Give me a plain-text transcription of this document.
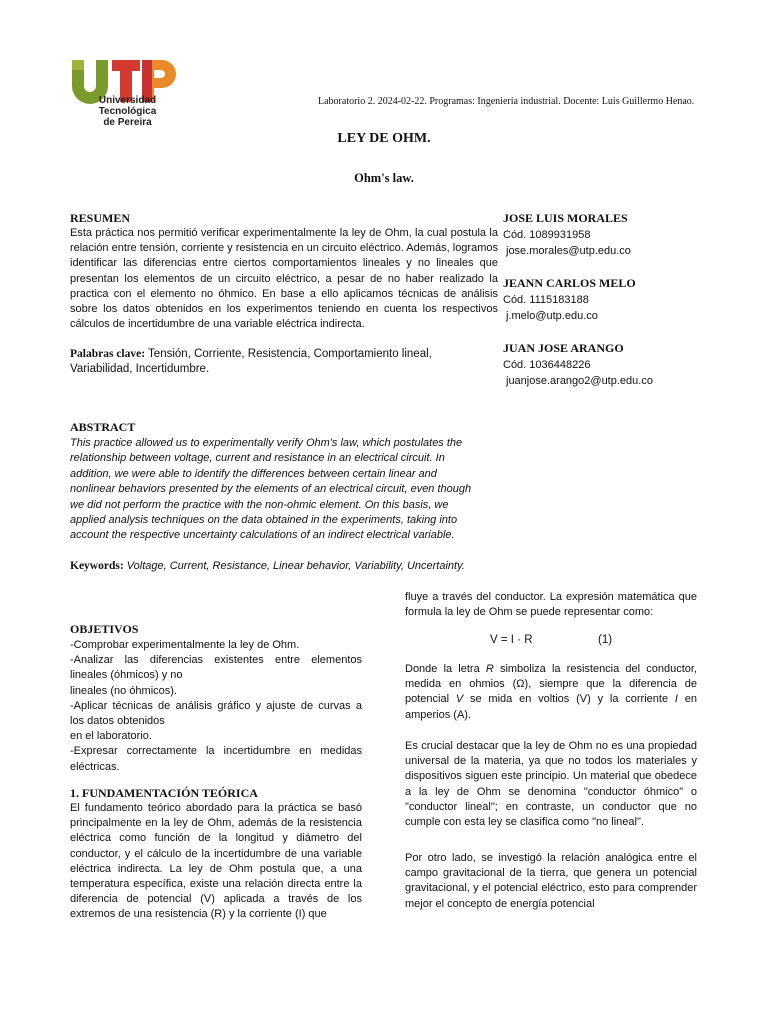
Universidad Tecnológica
de Pereira
Laboratorio 2. 2024-02-22. Programas: Ingeniería industrial. Docente: Luis Guillermo Henao.
LEY DE OHM.
Ohm's law.
RESUMEN

Esta práctica nos permitió verificar experimentalmente la ley de Ohm, la cual postula la relación entre tensión, corriente y resistencia en un circuito eléctrico. Además, logramos identificar las diferencias entre ciertos comportamientos lineales y no lineales que presentan los elementos de un circuito eléctrico, a pesar de no haber realizado la practica con el elemento no óhmico. En base a ello aplicamos técnicas de análisis sobre los datos obtenidos en los experimentos teniendo en cuenta los respectivos cálculos de incertidumbre de una variable eléctrica indirecta.

Palabras clave: Tensión, Corriente, Resistencia, Comportamiento lineal,
Variabilidad, Incertidumbre.
JOSE LUIS MORALES
Cód. 1089931958
jose.morales@utp.edu.co
JEANN CARLOS MELO
Cód. 1115183188
j.melo@utp.edu.co
JUAN JOSE ARANGO
Cód. 1036448226
juanjose.arango2@utp.edu.co
ABSTRACT
This practice allowed us to experimentally verify Ohm's law, which postulates the
relationship between voltage, current and resistance in an electrical circuit. In
addition, we were able to identify the differences between certain linear and
nonlinear behaviors presented by the elements of an electrical circuit, even though
we did not perform the practice with the non-ohmic element. On this basis, we
applied analysis techniques on the data obtained in the experiments, taking into
account the respective uncertainty calculations of an indirect electrical variable.
Keywords: Voltage, Current, Resistance, Linear behavior, Variability, Uncertainty.
OBJETIVOS
-Comprobar experimentalmente la ley de Ohm.
-Analizar las diferencias existentes entre elementos
lineales (óhmicos) y no
lineales (no óhmicos).
-Aplicar técnicas de análisis gráfico y ajuste de curvas a
los datos obtenidos
en el laboratorio.
-Expresar correctamente la incertidumbre en medidas
eléctricas.
1. FUNDAMENTACIÓN TEÓRICA

El fundamento teórico abordado para la práctica se basó principalmente en la ley de Ohm, además de la resistencia eléctrica como función de la longitud y diámetro del conductor, y el cálculo de la incertidumbre de una variable eléctrica indirecta. La ley de Ohm postula que, a una temperatura específica, existe una relación directa entre la diferencia de potencial (V) aplicada a través de los extremos de una resistencia (R) y la corriente (I) que

fluye a través del conductor. La expresión matemática que formula la ley de Ohm se puede representar como:

V = I · R	(1)

Donde la letra R simboliza la resistencia del conductor, medida en ohmios (Ω), siempre que la diferencia de potencial V se mida en voltios (V) y la corriente I en amperios (A).

Es crucial destacar que la ley de Ohm no es una propiedad universal de la materia, ya que no todos los materiales y dispositivos siguen este principio. Un material que obedece a la ley de Ohm se denomina "conductor óhmico" o "conductor lineal"; en contraste, un conductor que no cumple con esta ley se clasifica como "no lineal".

Por otro lado, se investigó la relación analógica entre el campo gravitacional de la tierra, que genera un potencial gravitacional, y el potencial eléctrico, esto para comprender mejor el concepto de energía potencial
